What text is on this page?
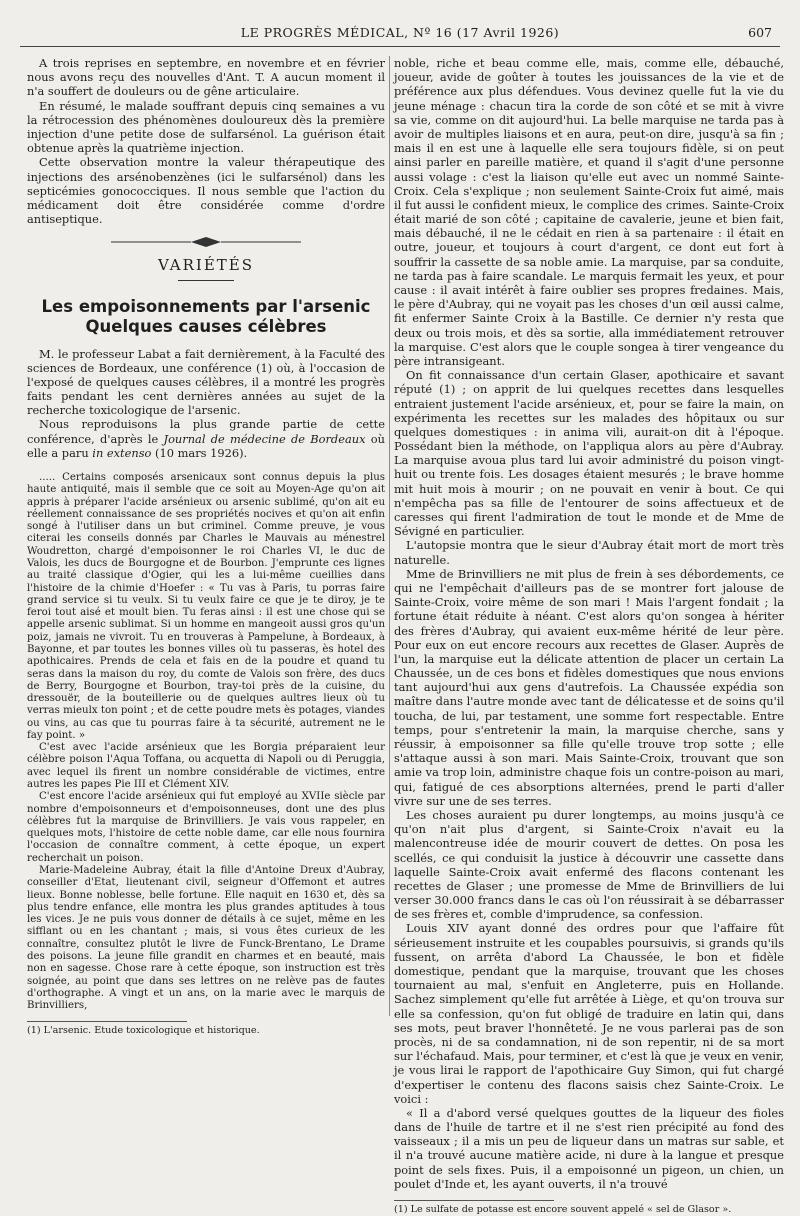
LE PROGRÈS MÉDICAL, Nº 16 (17 Avril 1926)	607

A trois reprises en septembre, en novembre et en février nous avons reçu des nouvelles d'Ant. T. A aucun moment il n'a souffert de douleurs ou de gêne articulaire.

En résumé, le malade souffrant depuis cinq semaines a vu la rétrocession des phénomènes douloureux dès la première injection d'une petite dose de sulfarsénol. La guérison était obtenue après la quatrième injection.

Cette observation montre la valeur thérapeutique des injections des arsénobenzènes (ici le sulfarsénol) dans les septicémies gonococciques. Il nous semble que l'action du médicament doit être considérée comme d'ordre antiseptique.

VARIÉTÉS
Les empoisonnements par l'arsenic
Quelques causes célèbres

M. le professeur Labat a fait dernièrement, à la Faculté des sciences de Bordeaux, une conférence (1) où, à l'occasion de l'exposé de quelques causes célèbres, il a montré les progrès faits pendant les cent dernières années au sujet de la recherche toxicologique de l'arsenic.

Nous reproduisons la plus grande partie de cette conférence, d'après le Journal de médecine de Bordeaux où elle a paru in extenso (10 mars 1926).

..... Certains composés arsenicaux sont connus depuis la plus haute antiquité, mais il semble que ce soit au Moyen-Age qu'on ait appris à préparer l'acide arsénieux ou arsenic sublimé, qu'on ait eu réellement connaissance de ses propriétés nocives et qu'on ait enfin songé à l'utiliser dans un but criminel. Comme preuve, je vous citerai les conseils donnés par Charles le Mauvais au ménestrel Woudretton, chargé d'empoisonner le roi Charles VI, le duc de Valois, les ducs de Bourgogne et de Bourbon. J'emprunte ces lignes au traité classique d'Ogier, qui les a lui-même cueillies dans l'histoire de la chimie d'Hoefer : « Tu vas à Paris, tu porras faire grand service si tu veulx. Si tu veulx faire ce que je te diroy, je te feroi tout aisé et moult bien. Tu feras ainsi : il est une chose qui se appelle arsenic sublimat. Si un homme en mangeoit aussi gros qu'un poiz, jamais ne vivroit. Tu en trouveras à Pampelune, à Bordeaux, à Bayonne, et par toutes les bonnes villes où tu passeras, ès hotel des apothicaires. Prends de cela et fais en de la poudre et quand tu seras dans la maison du roy, du comte de Valois son frère, des ducs de Berry, Bourgogne et Bourbon, tray-toi près de la cuisine, du dressouër, de la bouteillerie ou de quelques aultres lieux où tu verras mieulx ton point ; et de cette poudre mets ès potages, viandes ou vins, au cas que tu pourras faire à ta sécurité, autrement ne le fay point. »

C'est avec l'acide arsénieux que les Borgia préparaient leur célèbre poison l'Aqua Toffana, ou acquetta di Napoli ou di Peruggia, avec lequel ils firent un nombre considérable de victimes, entre autres les papes Pie III et Clément XIV.

C'est encore l'acide arsénieux qui fut employé au XVIIe siècle par nombre d'empoisonneurs et d'empoisonneuses, dont une des plus célèbres fut la marquise de Brinvilliers. Je vais vous rappeler, en quelques mots, l'histoire de cette noble dame, car elle nous fournira l'occasion de connaître comment, à cette époque, un expert recherchait un poison.

Marie-Madeleine Aubray, était la fille d'Antoine Dreux d'Aubray, conseiller d'Etat, lieutenant civil, seigneur d'Offemont et autres lieux. Bonne noblesse, belle fortune. Elle naquit en 1630 et, dès sa plus tendre enfance, elle montra les plus grandes aptitudes à tous les vices. Je ne puis vous donner de détails à ce sujet, même en les sifflant ou en les chantant ; mais, si vous êtes curieux de les connaître, consultez plutôt le livre de Funck-Brentano, Le Drame des poisons. La jeune fille grandit en charmes et en beauté, mais non en sagesse. Chose rare à cette époque, son instruction est très soignée, au point que dans ses lettres on ne relève pas de fautes d'orthographe. A vingt et un ans, on la marie avec le marquis de Brinvilliers,

(1) L'arsenic. Etude toxicologique et historique.

noble, riche et beau comme elle, mais, comme elle, débauché, joueur, avide de goûter à toutes les jouissances de la vie et de préférence aux plus défendues. Vous devinez quelle fut la vie du jeune ménage : chacun tira la corde de son côté et se mit à vivre sa vie, comme on dit aujourd'hui. La belle marquise ne tarda pas à avoir de multiples liaisons et en aura, peut-on dire, jusqu'à sa fin ; mais il en est une à laquelle elle sera toujours fidèle, si on peut ainsi parler en pareille matière, et quand il s'agit d'une personne aussi volage : c'est la liaison qu'elle eut avec un nommé Sainte-Croix. Cela s'explique ; non seulement Sainte-Croix fut aimé, mais il fut aussi le confident mieux, le complice des crimes. Sainte-Croix était marié de son côté ; capitaine de cavalerie, jeune et bien fait, mais débauché, il ne le cédait en rien à sa partenaire : il était en outre, joueur, et toujours à court d'argent, ce dont eut fort à souffrir la cassette de sa noble amie. La marquise, par sa conduite, ne tarda pas à faire scandale. Le marquis fermait les yeux, et pour cause : il avait intérêt à faire oublier ses propres fredaines. Mais, le père d'Aubray, qui ne voyait pas les choses d'un œil aussi calme, fit enfermer Sainte Croix à la Bastille. Ce dernier n'y resta que deux ou trois mois, et dès sa sortie, alla immédiatement retrouver la marquise. C'est alors que le couple songea à tirer vengeance du père intransigeant.

On fit connaissance d'un certain Glaser, apothicaire et savant réputé (1) ; on apprit de lui quelques recettes dans lesquelles entraient justement l'acide arsénieux, et, pour se faire la main, on expérimenta les recettes sur les malades des hôpitaux ou sur quelques domestiques : in anima vili, aurait-on dit à l'époque. Possédant bien la méthode, on l'appliqua alors au père d'Aubray. La marquise avoua plus tard lui avoir administré du poison vingt-huit ou trente fois. Les dosages étaient mesurés ; le brave homme mit huit mois à mourir ; on ne pouvait en venir à bout. Ce qui n'empêcha pas sa fille de l'entourer de soins affectueux et de caresses qui firent l'admiration de tout le monde et de Mme de Sévigné en particulier.

L'autopsie montra que le sieur d'Aubray était mort de mort très naturelle.

Mme de Brinvilliers ne mit plus de frein à ses débordements, ce qui ne l'empêchait d'ailleurs pas de se montrer fort jalouse de Sainte-Croix, voire même de son mari ! Mais l'argent fondait ; la fortune était réduite à néant. C'est alors qu'on songea à hériter des frères d'Aubray, qui avaient eux-même hérité de leur père. Pour eux on eut encore recours aux recettes de Glaser. Auprès de l'un, la marquise eut la délicate attention de placer un certain La Chaussée, un de ces bons et fidèles domestiques que nous envions tant aujourd'hui aux gens d'autrefois. La Chaussée expédia son maître dans l'autre monde avec tant de délicatesse et de soins qu'il toucha, de lui, par testament, une somme fort respectable. Entre temps, pour s'entretenir la main, la marquise cherche, sans y réussir, à empoisonner sa fille qu'elle trouve trop sotte ; elle s'attaque aussi à son mari. Mais Sainte-Croix, trouvant que son amie va trop loin, administre chaque fois un contre-poison au mari, qui, fatigué de ces absorptions alternées, prend le parti d'aller vivre sur une de ses terres.

Les choses auraient pu durer longtemps, au moins jusqu'à ce qu'on n'ait plus d'argent, si Sainte-Croix n'avait eu la malencontreuse idée de mourir couvert de dettes. On posa les scellés, ce qui conduisit la justice à découvrir une cassette dans laquelle Sainte-Croix avait enfermé des flacons contenant les recettes de Glaser ; une promesse de Mme de Brinvilliers de lui verser 30.000 francs dans le cas où l'on réussirait à se débarrasser de ses frères et, comble d'imprudence, sa confession.

Louis XIV ayant donné des ordres pour que l'affaire fût sérieusement instruite et les coupables poursuivis, si grands qu'ils fussent, on arrêta d'abord La Chaussée, le bon et fidèle domestique, pendant que la marquise, trouvant que les choses tournaient au mal, s'enfuit en Angleterre, puis en Hollande. Sachez simplement qu'elle fut arrêtée à Liège, et qu'on trouva sur elle sa confession, qu'on fut obligé de traduire en latin qui, dans ses mots, peut braver l'honnêteté. Je ne vous parlerai pas de son procès, ni de sa condamnation, ni de son repentir, ni de sa mort sur l'échafaud. Mais, pour terminer, et c'est là que je veux en venir, je vous lirai le rapport de l'apothicaire Guy Simon, qui fut chargé d'expertiser le contenu des flacons saisis chez Sainte-Croix. Le voici :

« Il a d'abord versé quelques gouttes de la liqueur des fioles dans de l'huile de tartre et il ne s'est rien précipité au fond des vaisseaux ; il a mis un peu de liqueur dans un matras sur sable, et il n'a trouvé aucune matière acide, ni dure à la langue et presque point de sels fixes. Puis, il a empoisonné un pigeon, un chien, un poulet d'Inde et, les ayant ouverts, il n'a trouvé

(1) Le sulfate de potasse est encore souvent appelé « sel de Glasor ».
